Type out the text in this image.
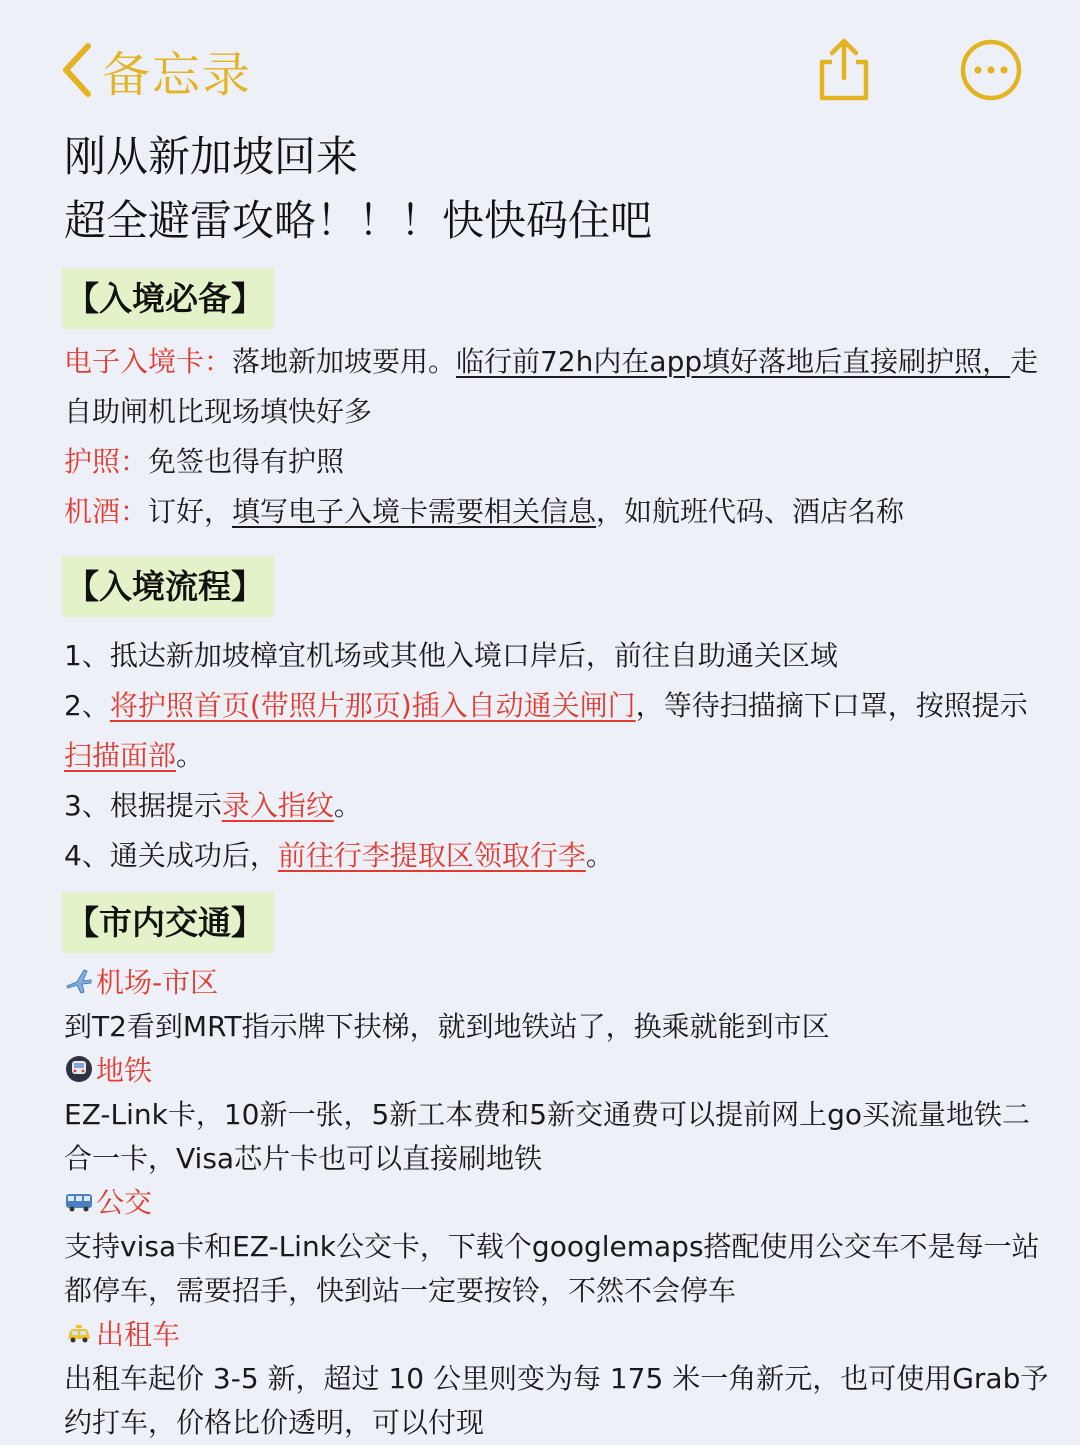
备忘录
刚从新加坡回来
超全避雷攻略！！！快快码住吧
【入境必备】
电子入境卡：落地新加坡要用。临行前72h内在app填好落地后直接刷护照，走自助闸机比现场填快好多
护照：免签也得有护照
机酒：订好，填写电子入境卡需要相关信息，如航班代码、酒店名称
【入境流程】
1、抵达新加坡樟宜机场或其他入境口岸后，前往自助通关区域
2、将护照首页(带照片那页)插入自动通关闸门，等待扫描摘下口罩，按照提示扫描面部。
3、根据提示录入指纹。
4、通关成功后，前往行李提取区领取行李。
【市内交通】
机场-市区
到T2看到MRT指示牌下扶梯，就到地铁站了，换乘就能到市区
地铁
EZ-Link卡，10新一张，5新工本费和5新交通费可以提前网上go买流量地铁二合一卡，Visa芯片卡也可以直接刷地铁
公交
支持visa卡和EZ-Link公交卡，下载个googlemaps搭配使用公交车不是每一站都停车，需要招手，快到站一定要按铃，不然不会停车
出租车
出租车起价 3-5 新，超过 10 公里则变为每 175 米一角新元，也可使用Grab予约打车，价格比价透明，可以付现
